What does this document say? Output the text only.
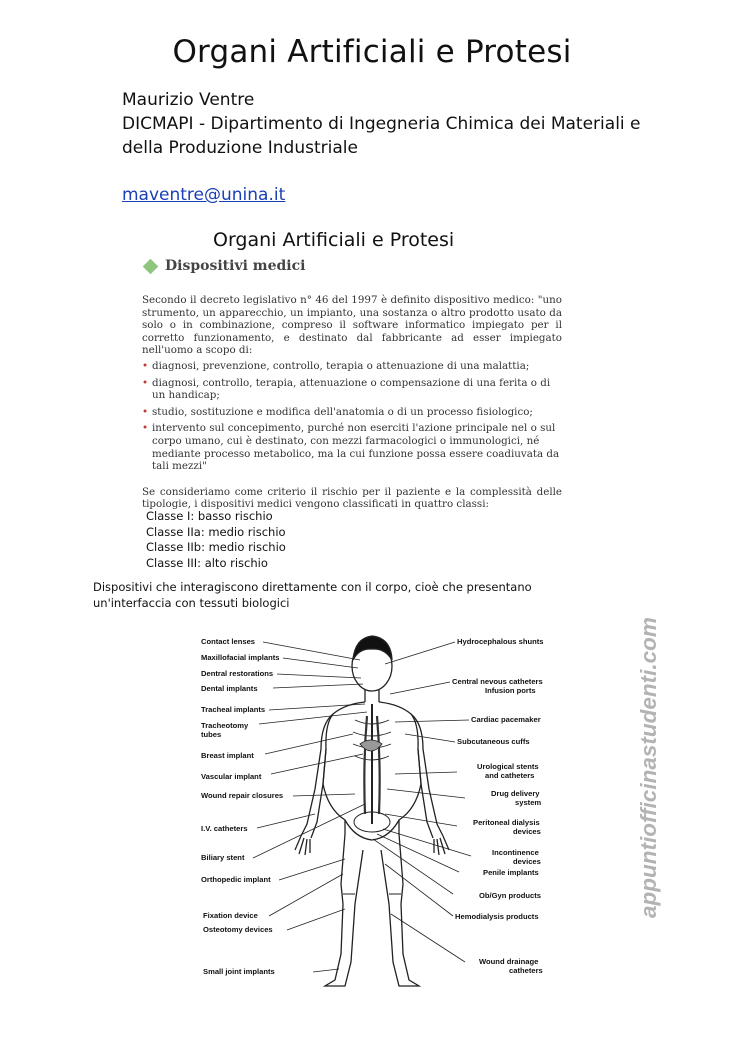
Organi Artificiali e Protesi
Maurizio Ventre
DICMAPI - Dipartimento di Ingegneria Chimica dei Materiali e
della Produzione Industriale
maventre@unina.it
Organi Artificiali e Protesi
Dispositivi medici
Secondo il decreto legislativo n° 46 del 1997 è definito dispositivo medico: "uno strumento, un apparecchio, un impianto, una sostanza o altro prodotto usato da solo o in combinazione, compreso il software informatico impiegato per il corretto funzionamento, e destinato dal fabbricante ad esser impiegato nell'uomo a scopo di:
• diagnosi, prevenzione, controllo, terapia o attenuazione di una malattia;
• diagnosi, controllo, terapia, attenuazione o compensazione di una ferita o di un handicap;
• studio, sostituzione e modifica dell'anatomia o di un processo fisiologico;
• intervento sul concepimento, purché non eserciti l'azione principale nel o sul corpo umano, cui è destinato, con mezzi farmacologici o immunologici, né mediante processo metabolico, ma la cui funzione possa essere coadiuvata da tali mezzi"
Se consideriamo come criterio il rischio per il paziente e la complessità delle tipologie, i dispositivi medici vengono classificati in quattro classi:
Classe I: basso rischio
Classe IIa: medio rischio
Classe IIb: medio rischio
Classe III: alto rischio
Dispositivi che interagiscono direttamente con il corpo, cioè che presentano
un'interfaccia con tessuti biologici
Contact lenses
Maxillofacial implants
Dentral restorations
Dental implants
Tracheal implants
Tracheotomy
tubes
Breast implant
Vascular implant
Wound repair closures
I.V. catheters
Biliary stent
Orthopedic implant
Fixation device
Osteotomy devices
Small joint implants
Hydrocephalous shunts
Central nevous catheters
Infusion ports
Cardiac pacemaker
Subcutaneous cuffs
Urological stents
and catheters
Drug delivery
system
Peritoneal dialysis
devices
Incontinence
devices
Penile implants
Ob/Gyn products
Hemodialysis products
Wound drainage
catheters
appuntiofficinastudenti.com
